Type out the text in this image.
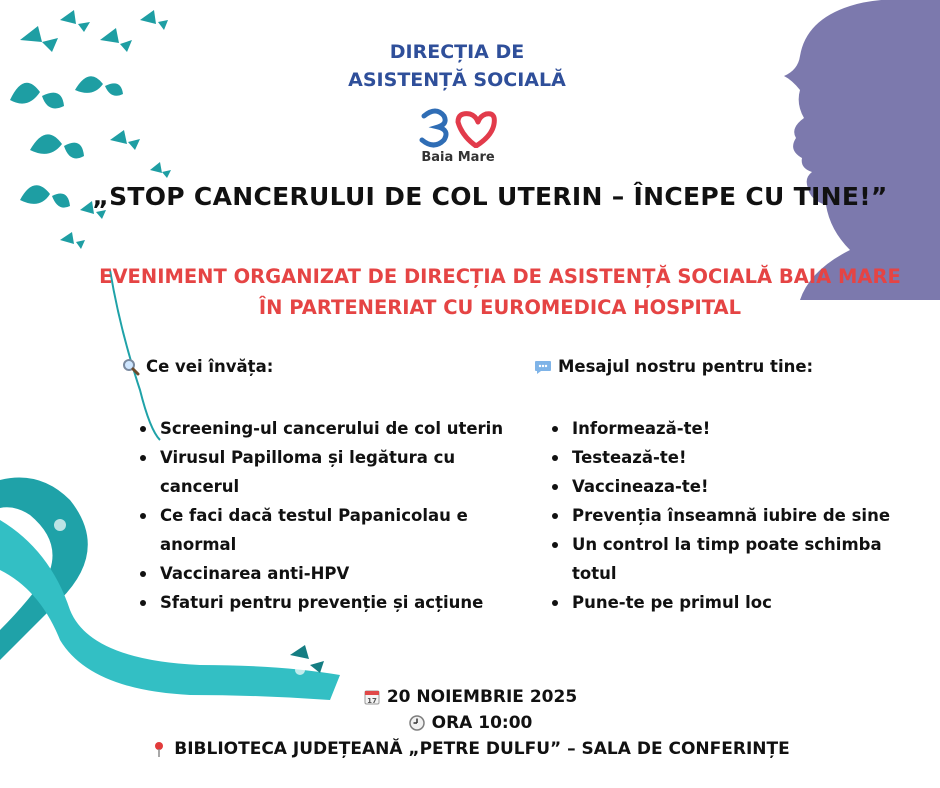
DIRECȚIA DE
ASISTENȚĂ SOCIALĂ
Baia Mare
„STOP CANCERULUI DE COL UTERIN – ÎNCEPE CU TINE!”
EVENIMENT ORGANIZAT DE DIRECȚIA DE ASISTENȚĂ SOCIALĂ BAIA MARE
ÎN PARTENERIAT CU EUROMEDICA HOSPITAL
Ce vei învăța:
Screening-ul cancerului de col uterin
Virusul Papilloma și legătura cu cancerul
Ce faci dacă testul Papanicolau e anormal
Vaccinarea anti-HPV
Sfaturi pentru prevenție și acțiune
Mesajul nostru pentru tine:
Informează-te!
Testează-te!
Vaccineaza-te!
Prevenția înseamnă iubire de sine
Un control la timp poate schimba totul
Pune-te pe primul loc
17 20 NOIEMBRIE 2025
ORA 10:00
BIBLIOTECA JUDEȚEANĂ „PETRE DULFU” – SALA DE CONFERINȚE
